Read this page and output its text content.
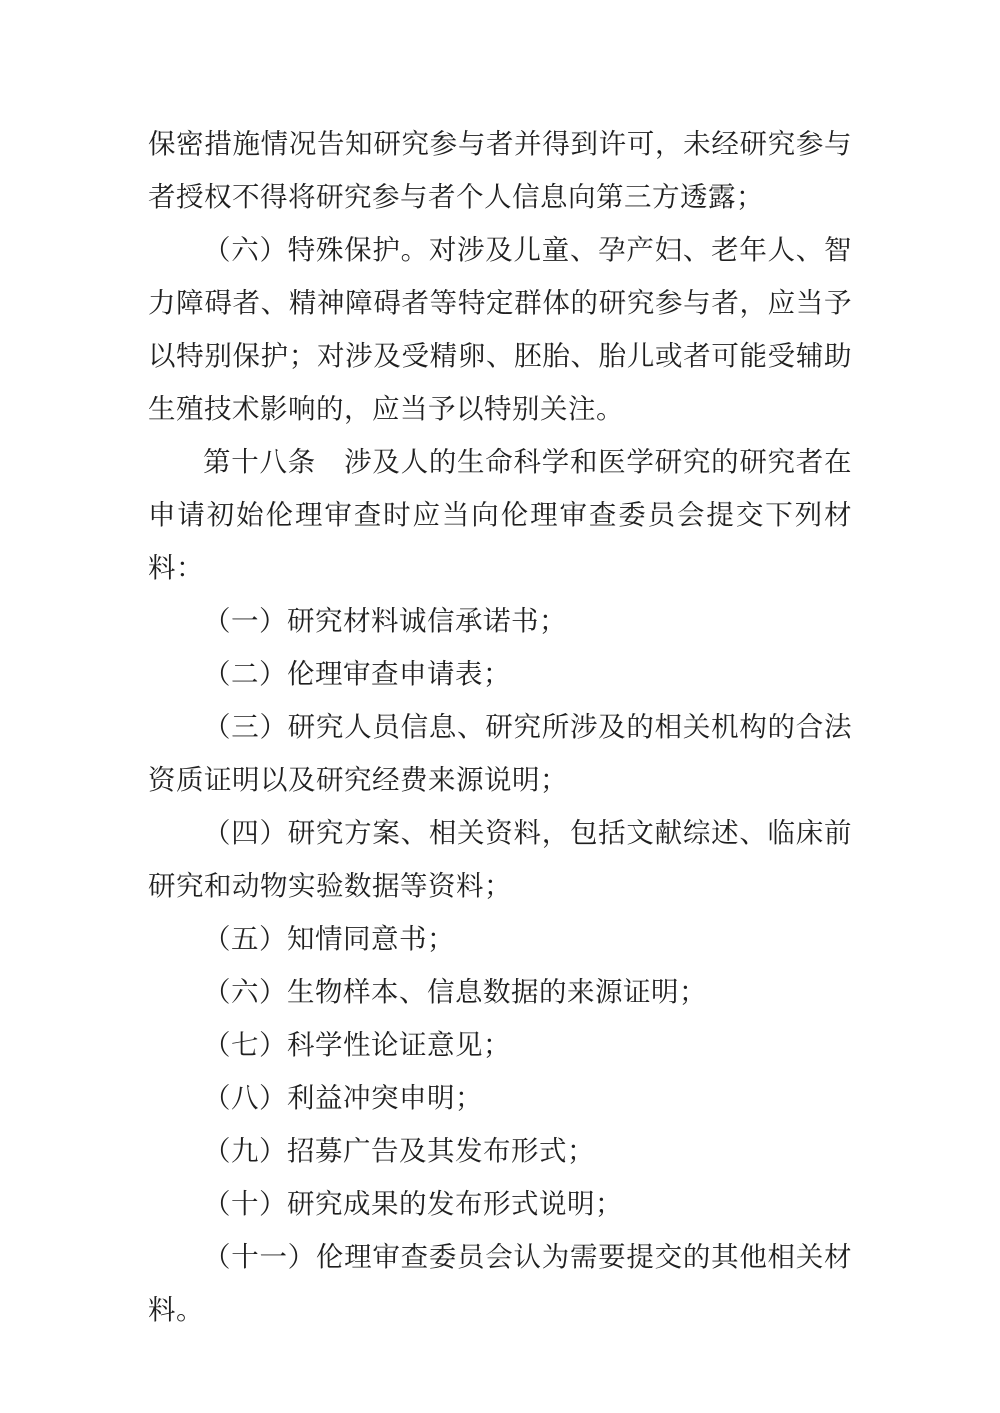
保密措施情况告知研究参与者并得到许可，未经研究参与者授权不得将研究参与者个人信息向第三方透露；

（六）特殊保护。对涉及儿童、孕产妇、老年人、智力障碍者、精神障碍者等特定群体的研究参与者，应当予以特别保护；对涉及受精卵、胚胎、胎儿或者可能受辅助生殖技术影响的，应当予以特别关注。

第十八条　涉及人的生命科学和医学研究的研究者在申请初始伦理审查时应当向伦理审查委员会提交下列材料：

（一）研究材料诚信承诺书；

（二）伦理审查申请表；

（三）研究人员信息、研究所涉及的相关机构的合法资质证明以及研究经费来源说明；

（四）研究方案、相关资料，包括文献综述、临床前研究和动物实验数据等资料；

（五）知情同意书；

（六）生物样本、信息数据的来源证明；

（七）科学性论证意见；

（八）利益冲突申明；

（九）招募广告及其发布形式；

（十）研究成果的发布形式说明；

（十一）伦理审查委员会认为需要提交的其他相关材料。
